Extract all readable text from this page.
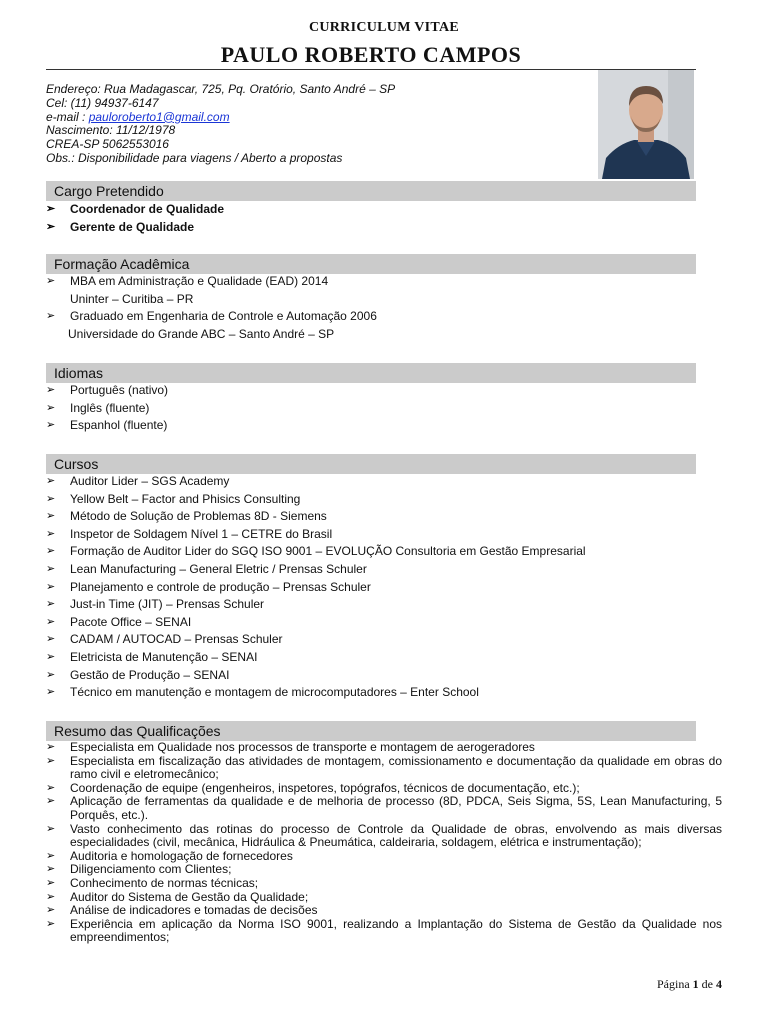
CURRICULUM VITAE
PAULO ROBERTO CAMPOS
Endereço: Rua Madagascar, 725, Pq. Oratório, Santo André – SP
Cel: (11) 94937-6147
e-mail : pauloroberto1@gmail.com
Nascimento: 11/12/1978
CREA-SP 5062553016
Obs.: Disponibilidade para viagens / Aberto a propostas
Cargo Pretendido
➢ Coordenador de Qualidade
➢ Gerente de Qualidade
Formação Acadêmica
➢ MBA em Administração e Qualidade (EAD) 2014
Uninter – Curitiba – PR
➢ Graduado em Engenharia de Controle e Automação 2006
Universidade do Grande ABC – Santo André – SP
Idiomas
➢ Português (nativo)
➢ Inglês (fluente)
➢ Espanhol (fluente)
Cursos
➢ Auditor Lider – SGS Academy
➢ Yellow Belt – Factor and Phisics Consulting
➢ Método de Solução de Problemas 8D - Siemens
➢ Inspetor de Soldagem Nível 1 – CETRE do Brasil
➢ Formação de Auditor Lider do SGQ ISO 9001 – EVOLUÇÃO Consultoria em Gestão Empresarial
➢ Lean Manufacturing – General Eletric / Prensas Schuler
➢ Planejamento e controle de produção – Prensas Schuler
➢ Just-in Time (JIT) – Prensas Schuler
➢ Pacote Office – SENAI
➢ CADAM / AUTOCAD – Prensas Schuler
➢ Eletricista de Manutenção – SENAI
➢ Gestão de Produção – SENAI
➢ Técnico em manutenção e montagem de microcomputadores – Enter School
Resumo das Qualificações
➢ Especialista em Qualidade nos processos de transporte e montagem de aerogeradores
➢ Especialista em fiscalização das atividades de montagem, comissionamento e documentação da qualidade em obras do ramo civil e eletromecânico;
➢ Coordenação de equipe (engenheiros, inspetores, topógrafos, técnicos de documentação, etc.);
➢ Aplicação de ferramentas da qualidade e de melhoria de processo (8D, PDCA, Seis Sigma, 5S, Lean Manufacturing, 5 Porquês, etc.).
➢ Vasto conhecimento das rotinas do processo de Controle da Qualidade de obras, envolvendo as mais diversas especialidades (civil, mecânica, Hidráulica & Pneumática, caldeiraria, soldagem, elétrica e instrumentação);
➢ Auditoria e homologação de fornecedores
➢ Diligenciamento com Clientes;
➢ Conhecimento de normas técnicas;
➢ Auditor do Sistema de Gestão da Qualidade;
➢ Análise de indicadores e tomadas de decisões
➢ Experiência em aplicação da Norma ISO 9001, realizando a Implantação do Sistema de Gestão da Qualidade nos empreendimentos;
Página 1 de 4
